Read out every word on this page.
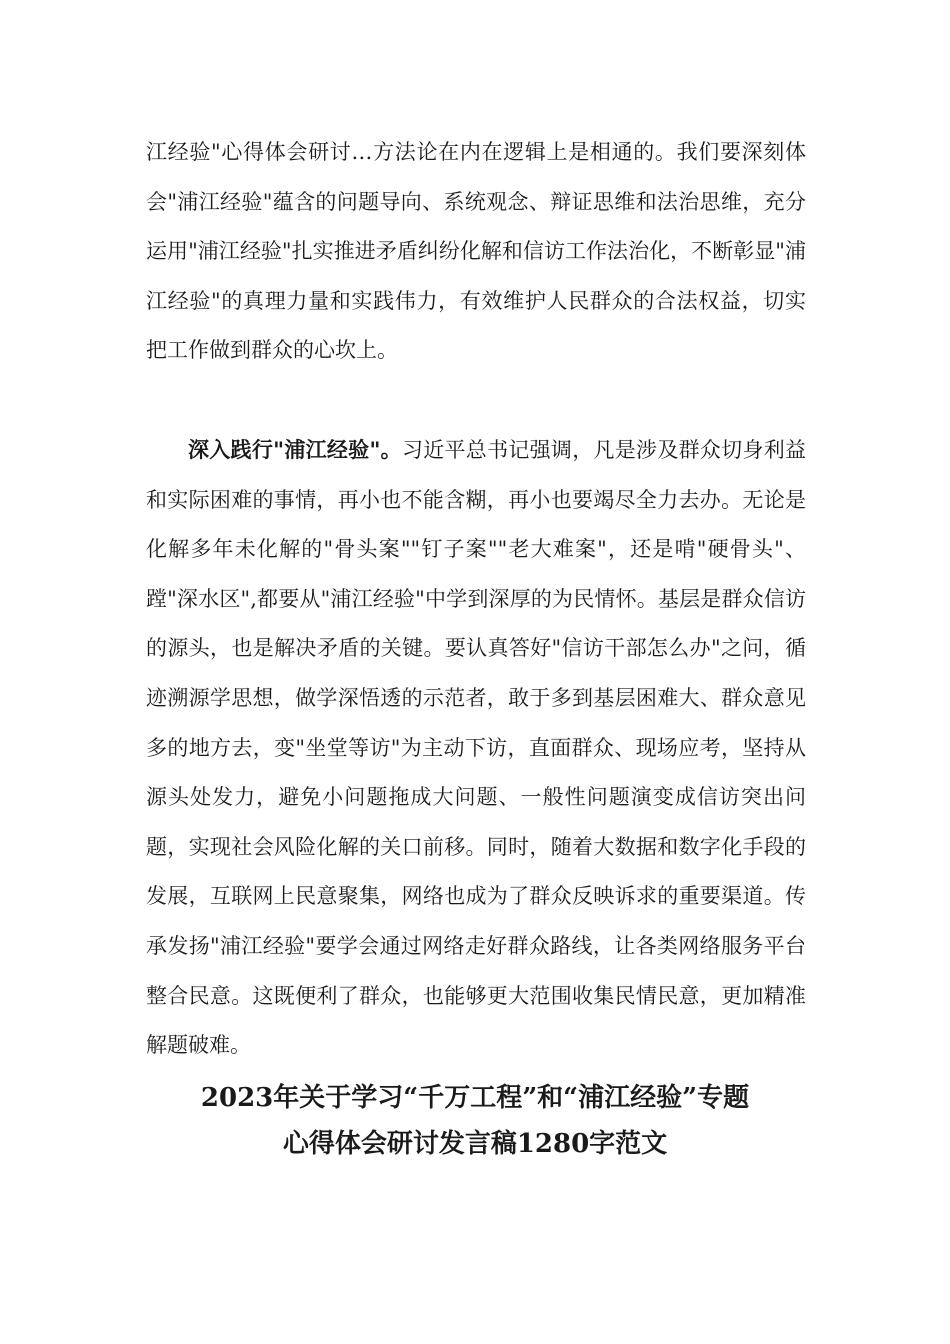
江经验"心得体会研讨…方法论在内在逻辑上是相通的。我们要深刻体会"浦江经验"蕴含的问题导向、系统观念、辩证思维和法治思维，充分运用"浦江经验"扎实推进矛盾纠纷化解和信访工作法治化，不断彰显"浦江经验"的真理力量和实践伟力，有效维护人民群众的合法权益，切实把工作做到群众的心坎上。

深入践行"浦江经验"。习近平总书记强调，凡是涉及群众切身利益和实际困难的事情，再小也不能含糊，再小也要竭尽全力去办。无论是化解多年未化解的"骨头案""钉子案""老大难案"，还是啃"硬骨头"、蹚"深水区",都要从"浦江经验"中学到深厚的为民情怀。基层是群众信访的源头，也是解决矛盾的关键。要认真答好"信访干部怎么办"之问，循迹溯源学思想，做学深悟透的示范者，敢于多到基层困难大、群众意见多的地方去，变"坐堂等访"为主动下访，直面群众、现场应考，坚持从源头处发力，避免小问题拖成大问题、一般性问题演变成信访突出问题，实现社会风险化解的关口前移。同时，随着大数据和数字化手段的发展，互联网上民意聚集，网络也成为了群众反映诉求的重要渠道。传承发扬"浦江经验"要学会通过网络走好群众路线，让各类网络服务平台整合民意。这既便利了群众，也能够更大范围收集民情民意，更加精准解题破难。

2023年关于学习“千万工程”和“浦江经验”专题
心得体会研讨发言稿1280字范文
